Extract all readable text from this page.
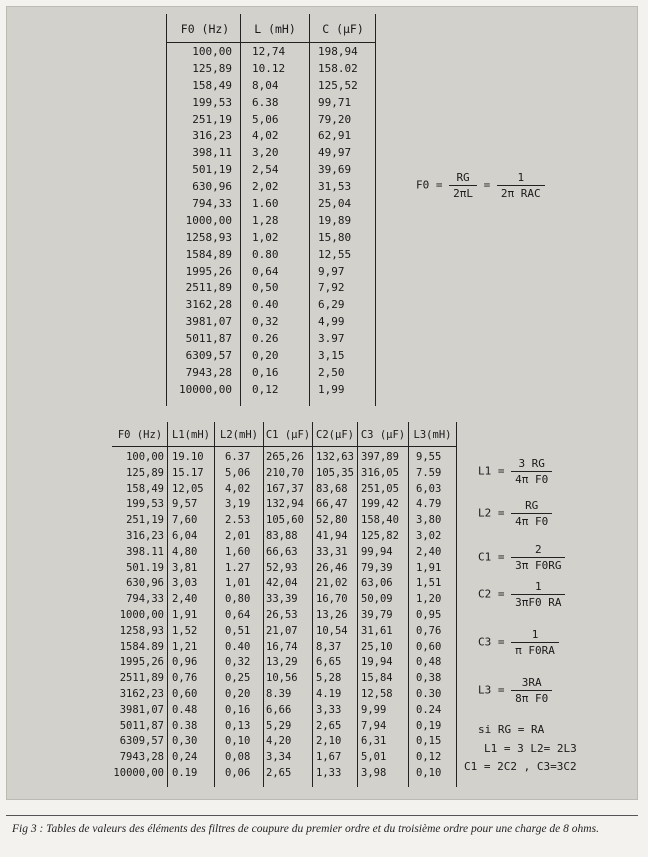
F0 (Hz)	L (mH)	C (µF)
100,00
125,89
158,49
199,53
251,19
316,23
398,11
501,19
630,96
794,33
1000,00
1258,93
1584,89
1995,26
2511,89
3162,28
3981,07
5011,87
6309,57
7943,28
10000,00
12,74
10.12
8,04
6.38
5,06
4,02
3,20
2,54
2,02
1.60
1,28
1,02
0.80
0,64
0,50
0.40
0,32
0.26
0,20
0,16
0,12
198,94
158.02
125,52
99,71
79,20
62,91
49,97
39,69
31,53
25,04
19,89
15,80
12,55
9,97
7,92
6,29
4,99
3.97
3,15
2,50
1,99
$F0 = \frac{RG}{2\pi L} = \frac{1}{\text{2π RAC}}$
F0 (Hz) L1(mH) L2(mH) C1 (µF) C2(µF) C3 (µF) L3(mH)
100,00
125,89
158,49
199,53
251,19
316,23
398.11
501.19
630,96
794,33
1000,00
1258,93
1584.89
1995,26
2511,89
3162,23
3981,07
5011,87
6309,57
7943,28
10000,00
19.10
15.17
12,05
9,57
7,60
6,04
4,80
3,81
3,03
2,40
1,91
1,52
1,21
0,96
0,76
0,60
0.48
0.38
0,30
0,24
0.19
6.37
5,06
4,02
3,19
2.53
2,01
1,60
1.27
1,01
0,80
0,64
0,51
0.40
0,32
0,25
0,20
0,16
0,13
0,10
0,08
0,06
265,26
210,70
167,37
132,94
105,60
83,88
66,63
52,93
42,04
33,39
26,53
21,07
16,74
13,29
10,56
8.39
6,66
5,29
4,20
3,34
2,65
132,63
105,35
83,68
66,47
52,80
41,94
33,31
26,46
21,02
16,70
13,26
10,54
8,37
6,65
5,28
4.19
3,33
2,65
2,10
1,67
1,33
397,89
316,05
251,05
199,42
158,40
125,82
99,94
79,39
63,06
50,09
39,79
31,61
25,10
19,94
15,84
12,58
9,99
7,94
6,31
5,01
3,98
9,55
7.59
6,03
4.79
3,80
3,02
2,40
1,91
1,51
1,20
0,95
0,76
0,60
0,48
0,38
0.30
0.24
0,19
0,15
0,12
0,10
$L1 = \frac{3 RG}{\text{4π F0}}$
$L2 = \frac{RG}{\text{4π F0}}$
$C1 = \frac{2}{\text{3π F0RG}}$
$C2 = \frac{1}{3\pi F0 RA}$
$C3 = \frac{1}{\text{π F0RA}}$
$L3 = \frac{3RA}{\text{8π F0}}$
si RG = RA
L1 = 3 L2= 2L3
C1 = 2C2 , C3=3C2
Fig 3 : Tables de valeurs des éléments des filtres de coupure du premier ordre et du troisième ordre pour une charge de 8 ohms.
